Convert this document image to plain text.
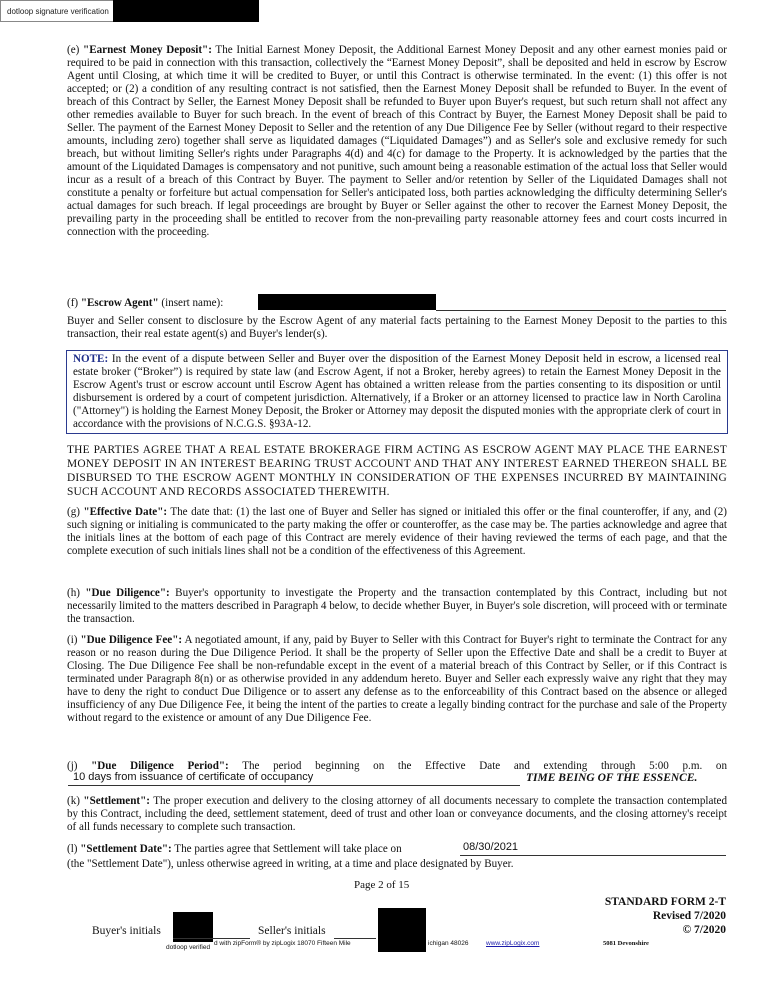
dotloop signature verification
(e) "Earnest Money Deposit": The Initial Earnest Money Deposit, the Additional Earnest Money Deposit and any other earnest monies paid or required to be paid in connection with this transaction, collectively the “Earnest Money Deposit”, shall be deposited and held in escrow by Escrow Agent until Closing, at which time it will be credited to Buyer, or until this Contract is otherwise terminated. In the event: (1) this offer is not accepted; or (2) a condition of any resulting contract is not satisfied, then the Earnest Money Deposit shall be refunded to Buyer. In the event of breach of this Contract by Seller, the Earnest Money Deposit shall be refunded to Buyer upon Buyer's request, but such return shall not affect any other remedies available to Buyer for such breach. In the event of breach of this Contract by Buyer, the Earnest Money Deposit shall be paid to Seller. The payment of the Earnest Money Deposit to Seller and the retention of any Due Diligence Fee by Seller (without regard to their respective amounts, including zero) together shall serve as liquidated damages (“Liquidated Damages”) and as Seller's sole and exclusive remedy for such breach, but without limiting Seller's rights under Paragraphs 4(d) and 4(c) for damage to the Property. It is acknowledged by the parties that the amount of the Liquidated Damages is compensatory and not punitive, such amount being a reasonable estimation of the actual loss that Seller would incur as a result of a breach of this Contract by Buyer. The payment to Seller and/or retention by Seller of the Liquidated Damages shall not constitute a penalty or forfeiture but actual compensation for Seller's anticipated loss, both parties acknowledging the difficulty determining Seller's actual damages for such breach. If legal proceedings are brought by Buyer or Seller against the other to recover the Earnest Money Deposit, the prevailing party in the proceeding shall be entitled to recover from the non-prevailing party reasonable attorney fees and court costs incurred in connection with the proceeding.
(f) "Escrow Agent" (insert name):
Buyer and Seller consent to disclosure by the Escrow Agent of any material facts pertaining to the Earnest Money Deposit to the parties to this transaction, their real estate agent(s) and Buyer's lender(s).
NOTE: In the event of a dispute between Seller and Buyer over the disposition of the Earnest Money Deposit held in escrow, a licensed real estate broker (“Broker”) is required by state law (and Escrow Agent, if not a Broker, hereby agrees) to retain the Earnest Money Deposit in the Escrow Agent's trust or escrow account until Escrow Agent has obtained a written release from the parties consenting to its disposition or until disbursement is ordered by a court of competent jurisdiction. Alternatively, if a Broker or an attorney licensed to practice law in North Carolina ("Attorney") is holding the Earnest Money Deposit, the Broker or Attorney may deposit the disputed monies with the appropriate clerk of court in accordance with the provisions of N.C.G.S. §93A-12.
THE PARTIES AGREE THAT A REAL ESTATE BROKERAGE FIRM ACTING AS ESCROW AGENT MAY PLACE THE EARNEST MONEY DEPOSIT IN AN INTEREST BEARING TRUST ACCOUNT AND THAT ANY INTEREST EARNED THEREON SHALL BE DISBURSED TO THE ESCROW AGENT MONTHLY IN CONSIDERATION OF THE EXPENSES INCURRED BY MAINTAINING SUCH ACCOUNT AND RECORDS ASSOCIATED THEREWITH.
(g) "Effective Date": The date that: (1) the last one of Buyer and Seller has signed or initialed this offer or the final counteroffer, if any, and (2) such signing or initialing is communicated to the party making the offer or counteroffer, as the case may be. The parties acknowledge and agree that the initials lines at the bottom of each page of this Contract are merely evidence of their having reviewed the terms of each page, and that the complete execution of such initials lines shall not be a condition of the effectiveness of this Agreement.
(h) "Due Diligence": Buyer's opportunity to investigate the Property and the transaction contemplated by this Contract, including but not necessarily limited to the matters described in Paragraph 4 below, to decide whether Buyer, in Buyer's sole discretion, will proceed with or terminate the transaction.
(i) "Due Diligence Fee": A negotiated amount, if any, paid by Buyer to Seller with this Contract for Buyer's right to terminate the Contract for any reason or no reason during the Due Diligence Period. It shall be the property of Seller upon the Effective Date and shall be a credit to Buyer at Closing. The Due Diligence Fee shall be non-refundable except in the event of a material breach of this Contract by Seller, or if this Contract is terminated under Paragraph 8(n) or as otherwise provided in any addendum hereto. Buyer and Seller each expressly waive any right that they may have to deny the right to conduct Due Diligence or to assert any defense as to the enforceability of this Contract based on the absence or alleged insufficiency of any Due Diligence Fee, it being the intent of the parties to create a legally binding contract for the purchase and sale of the Property without regard to the existence or amount of any Due Diligence Fee.
(j) "Due Diligence Period": The period beginning on the Effective Date and extending through 5:00 p.m. on
10 days from issuance of certificate of occupancy	TIME BEING OF THE ESSENCE.
(k) "Settlement": The proper execution and delivery to the closing attorney of all documents necessary to complete the transaction contemplated by this Contract, including the deed, settlement statement, deed of trust and other loan or conveyance documents, and the closing attorney's receipt of all funds necessary to complete such transaction.
(l) "Settlement Date": The parties agree that Settlement will take place on	08/30/2021
(the "Settlement Date"), unless otherwise agreed in writing, at a time and place designated by Buyer.
Page 2 of 15
STANDARD FORM 2-T
Revised 7/2020
© 7/2020
Buyer's initials	Seller's initials
dotloop verified
d with zipForm® by zipLogix 18070 Fifteen Mile	ichigan 48026	www.zipLogix.com	5081 Devonshire
